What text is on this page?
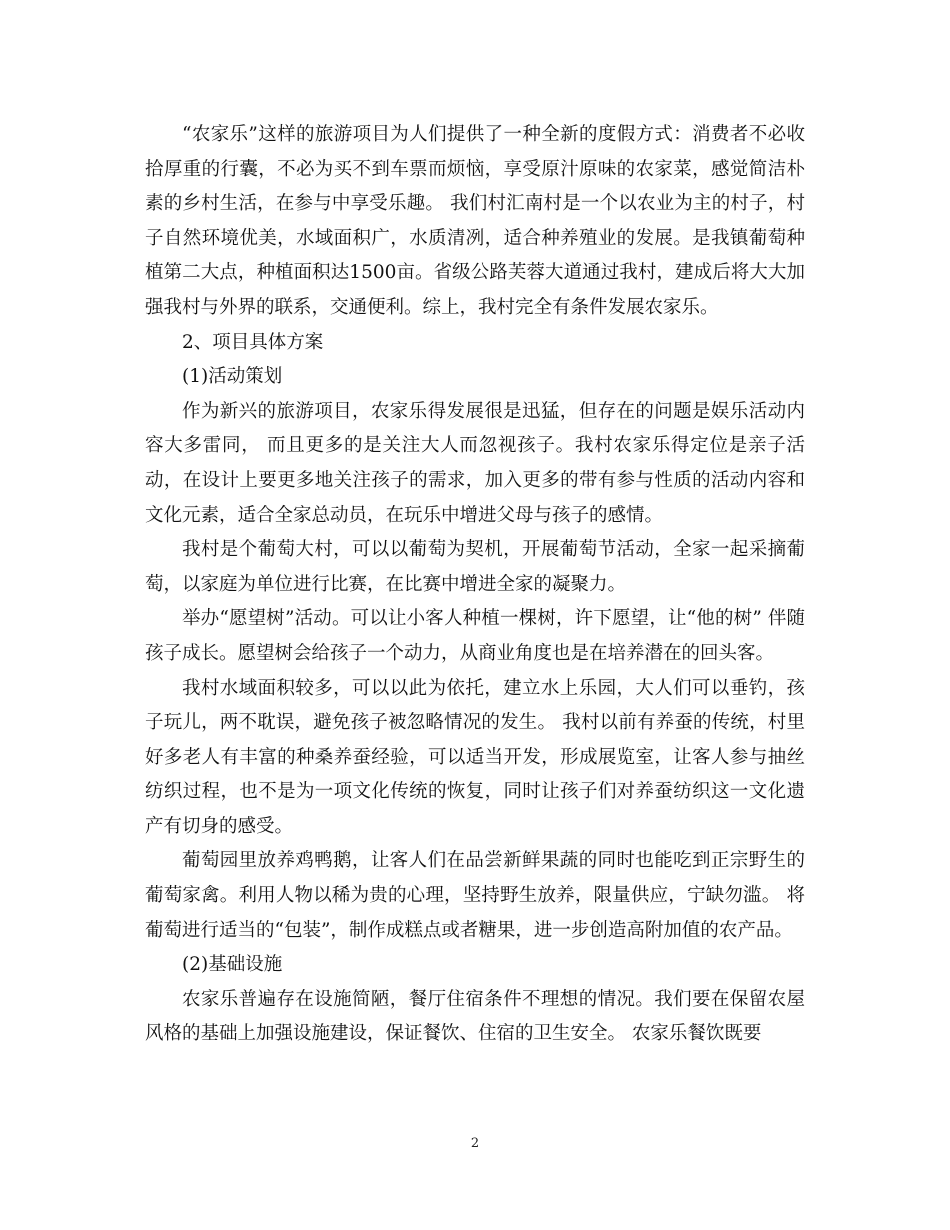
“农家乐”这样的旅游项目为人们提供了一种全新的度假方式：消费者不必收拾厚重的行囊，不必为买不到车票而烦恼，享受原汁原味的农家菜，感觉简洁朴素的乡村生活，在参与中享受乐趣。 我们村汇南村是一个以农业为主的村子，村子自然环境优美，水域面积广，水质清冽，适合种养殖业的发展。是我镇葡萄种植第二大点，种植面积达1500亩。省级公路芙蓉大道通过我村，建成后将大大加强我村与外界的联系，交通便利。综上，我村完全有条件发展农家乐。

2、项目具体方案

(1)活动策划

作为新兴的旅游项目，农家乐得发展很是迅猛，但存在的问题是娱乐活动内容大多雷同， 而且更多的是关注大人而忽视孩子。我村农家乐得定位是亲子活动，在设计上要更多地关注孩子的需求，加入更多的带有参与性质的活动内容和文化元素，适合全家总动员，在玩乐中增进父母与孩子的感情。

我村是个葡萄大村，可以以葡萄为契机，开展葡萄节活动，全家一起采摘葡萄，以家庭为单位进行比赛，在比赛中增进全家的凝聚力。

举办“愿望树”活动。可以让小客人种植一棵树，许下愿望，让“他的树” 伴随孩子成长。愿望树会给孩子一个动力，从商业角度也是在培养潜在的回头客。

我村水域面积较多，可以以此为依托，建立水上乐园，大人们可以垂钓，孩子玩儿，两不耽误，避免孩子被忽略情况的发生。 我村以前有养蚕的传统，村里好多老人有丰富的种桑养蚕经验，可以适当开发，形成展览室，让客人参与抽丝纺织过程，也不是为一项文化传统的恢复，同时让孩子们对养蚕纺织这一文化遗产有切身的感受。

葡萄园里放养鸡鸭鹅，让客人们在品尝新鲜果蔬的同时也能吃到正宗野生的葡萄家禽。利用人物以稀为贵的心理，坚持野生放养，限量供应，宁缺勿滥。 将葡萄进行适当的“包装”，制作成糕点或者糖果，进一步创造高附加值的农产品。

(2)基础设施

农家乐普遍存在设施简陋，餐厅住宿条件不理想的情况。我们要在保留农屋风格的基础上加强设施建设，保证餐饮、住宿的卫生安全。 农家乐餐饮既要

2
